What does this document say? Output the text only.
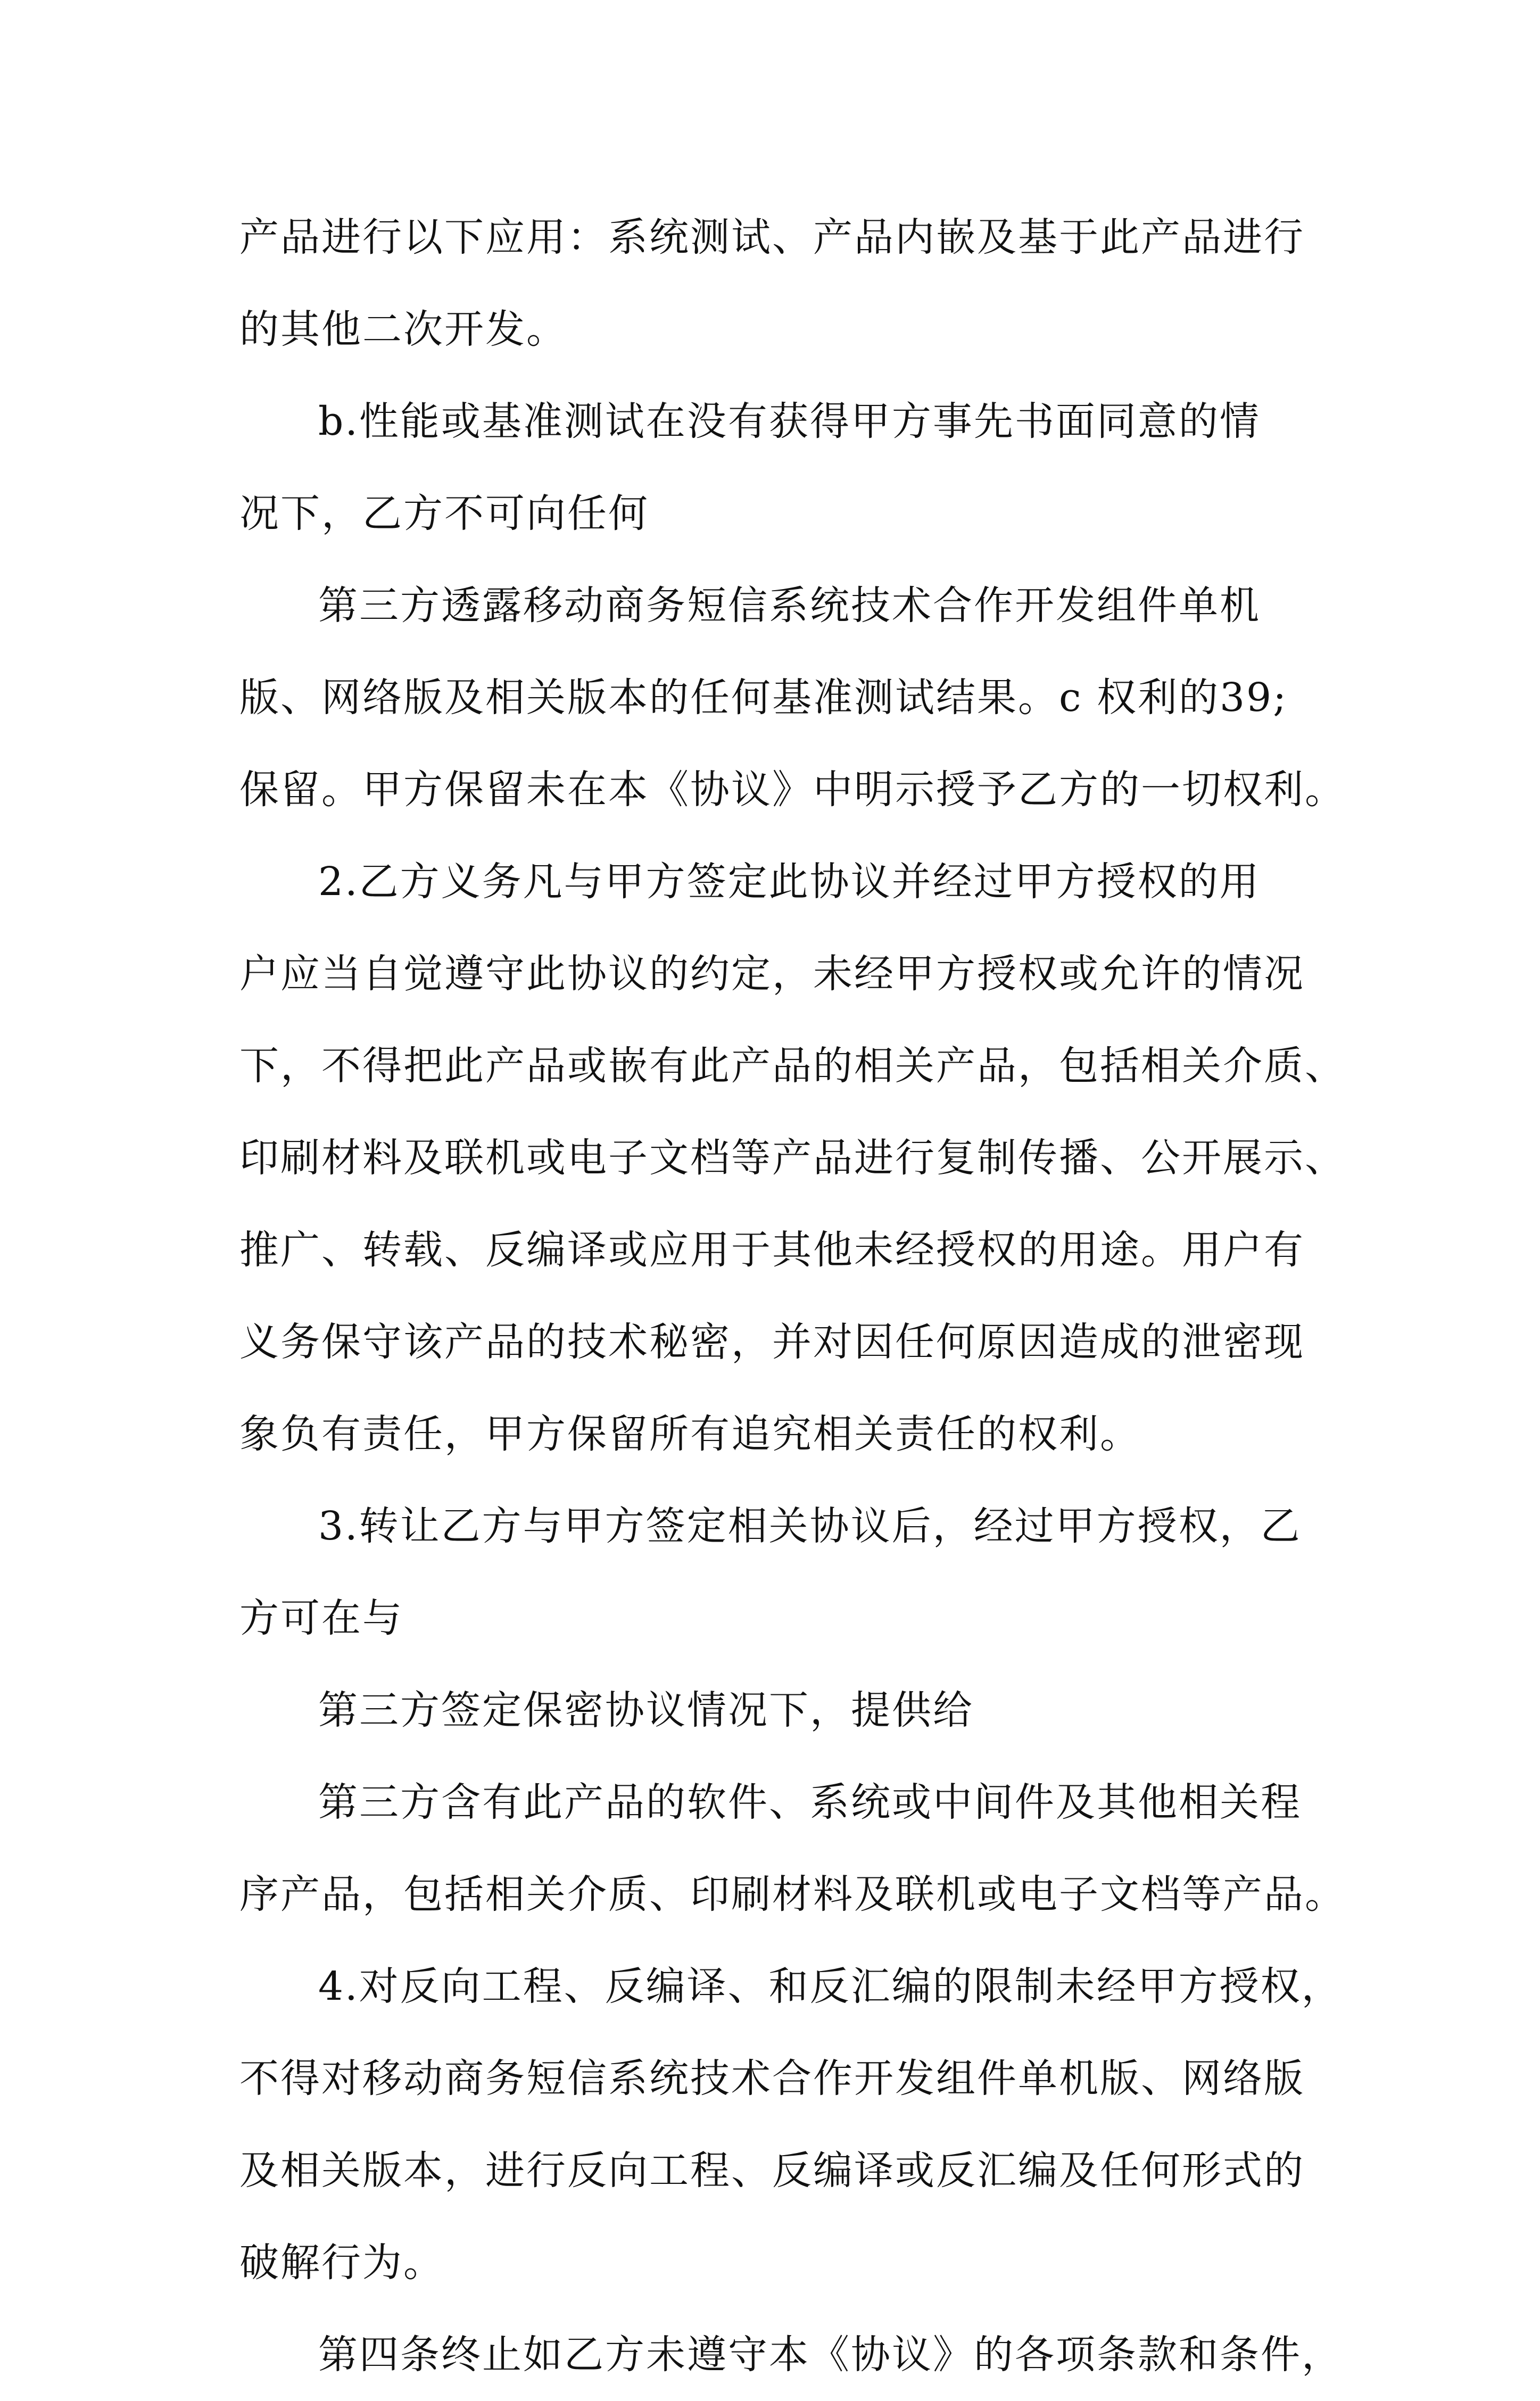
产品进行以下应用：系统测试、产品内嵌及基于此产品进行
的其他二次开发。
b.性能或基准测试在没有获得甲方事先书面同意的情
况下，乙方不可向任何
第三方透露移动商务短信系统技术合作开发组件单机
版、网络版及相关版本的任何基准测试结果。c 权利的39;
保留。甲方保留未在本《协议》中明示授予乙方的一切权利。
2.乙方义务凡与甲方签定此协议并经过甲方授权的用
户应当自觉遵守此协议的约定，未经甲方授权或允许的情况
下，不得把此产品或嵌有此产品的相关产品，包括相关介质、
印刷材料及联机或电子文档等产品进行复制传播、公开展示、
推广、转载、反编译或应用于其他未经授权的用途。用户有
义务保守该产品的技术秘密，并对因任何原因造成的泄密现
象负有责任，甲方保留所有追究相关责任的权利。
3.转让乙方与甲方签定相关协议后，经过甲方授权，乙
方可在与
第三方签定保密协议情况下，提供给
第三方含有此产品的软件、系统或中间件及其他相关程
序产品，包括相关介质、印刷材料及联机或电子文档等产品。
4.对反向工程、反编译、和反汇编的限制未经甲方授权，
不得对移动商务短信系统技术合作开发组件单机版、网络版
及相关版本，进行反向工程、反编译或反汇编及任何形式的
破解行为。
第四条终止如乙方未遵守本《协议》的各项条款和条件，
